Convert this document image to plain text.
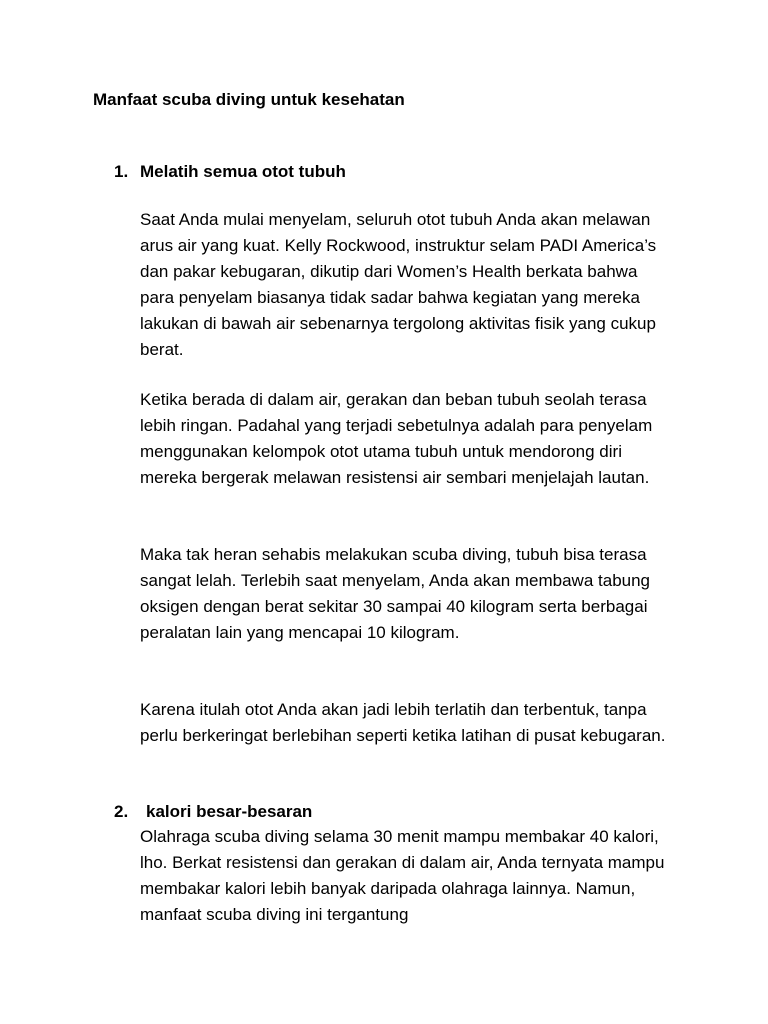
Manfaat scuba diving untuk kesehatan
1. Melatih semua otot tubuh

Saat Anda mulai menyelam, seluruh otot tubuh Anda akan melawan arus air yang kuat. Kelly Rockwood, instruktur selam PADI America’s dan pakar kebugaran, dikutip dari Women’s Health berkata bahwa para penyelam biasanya tidak sadar bahwa kegiatan yang mereka lakukan di bawah air sebenarnya tergolong aktivitas fisik yang cukup berat.

Ketika berada di dalam air, gerakan dan beban tubuh seolah terasa lebih ringan. Padahal yang terjadi sebetulnya adalah para penyelam menggunakan kelompok otot utama tubuh untuk mendorong diri mereka bergerak melawan resistensi air sembari menjelajah lautan.

Maka tak heran sehabis melakukan scuba diving, tubuh bisa terasa sangat lelah. Terlebih saat menyelam, Anda akan membawa tabung oksigen dengan berat sekitar 30 sampai 40 kilogram serta berbagai peralatan lain yang mencapai 10 kilogram.

Karena itulah otot Anda akan jadi lebih terlatih dan terbentuk, tanpa perlu berkeringat berlebihan seperti ketika latihan di pusat kebugaran.

2. kalori besar-besaran

Olahraga scuba diving selama 30 menit mampu membakar 40 kalori, lho. Berkat resistensi dan gerakan di dalam air, Anda ternyata mampu membakar kalori lebih banyak daripada olahraga lainnya. Namun, manfaat scuba diving ini tergantung
